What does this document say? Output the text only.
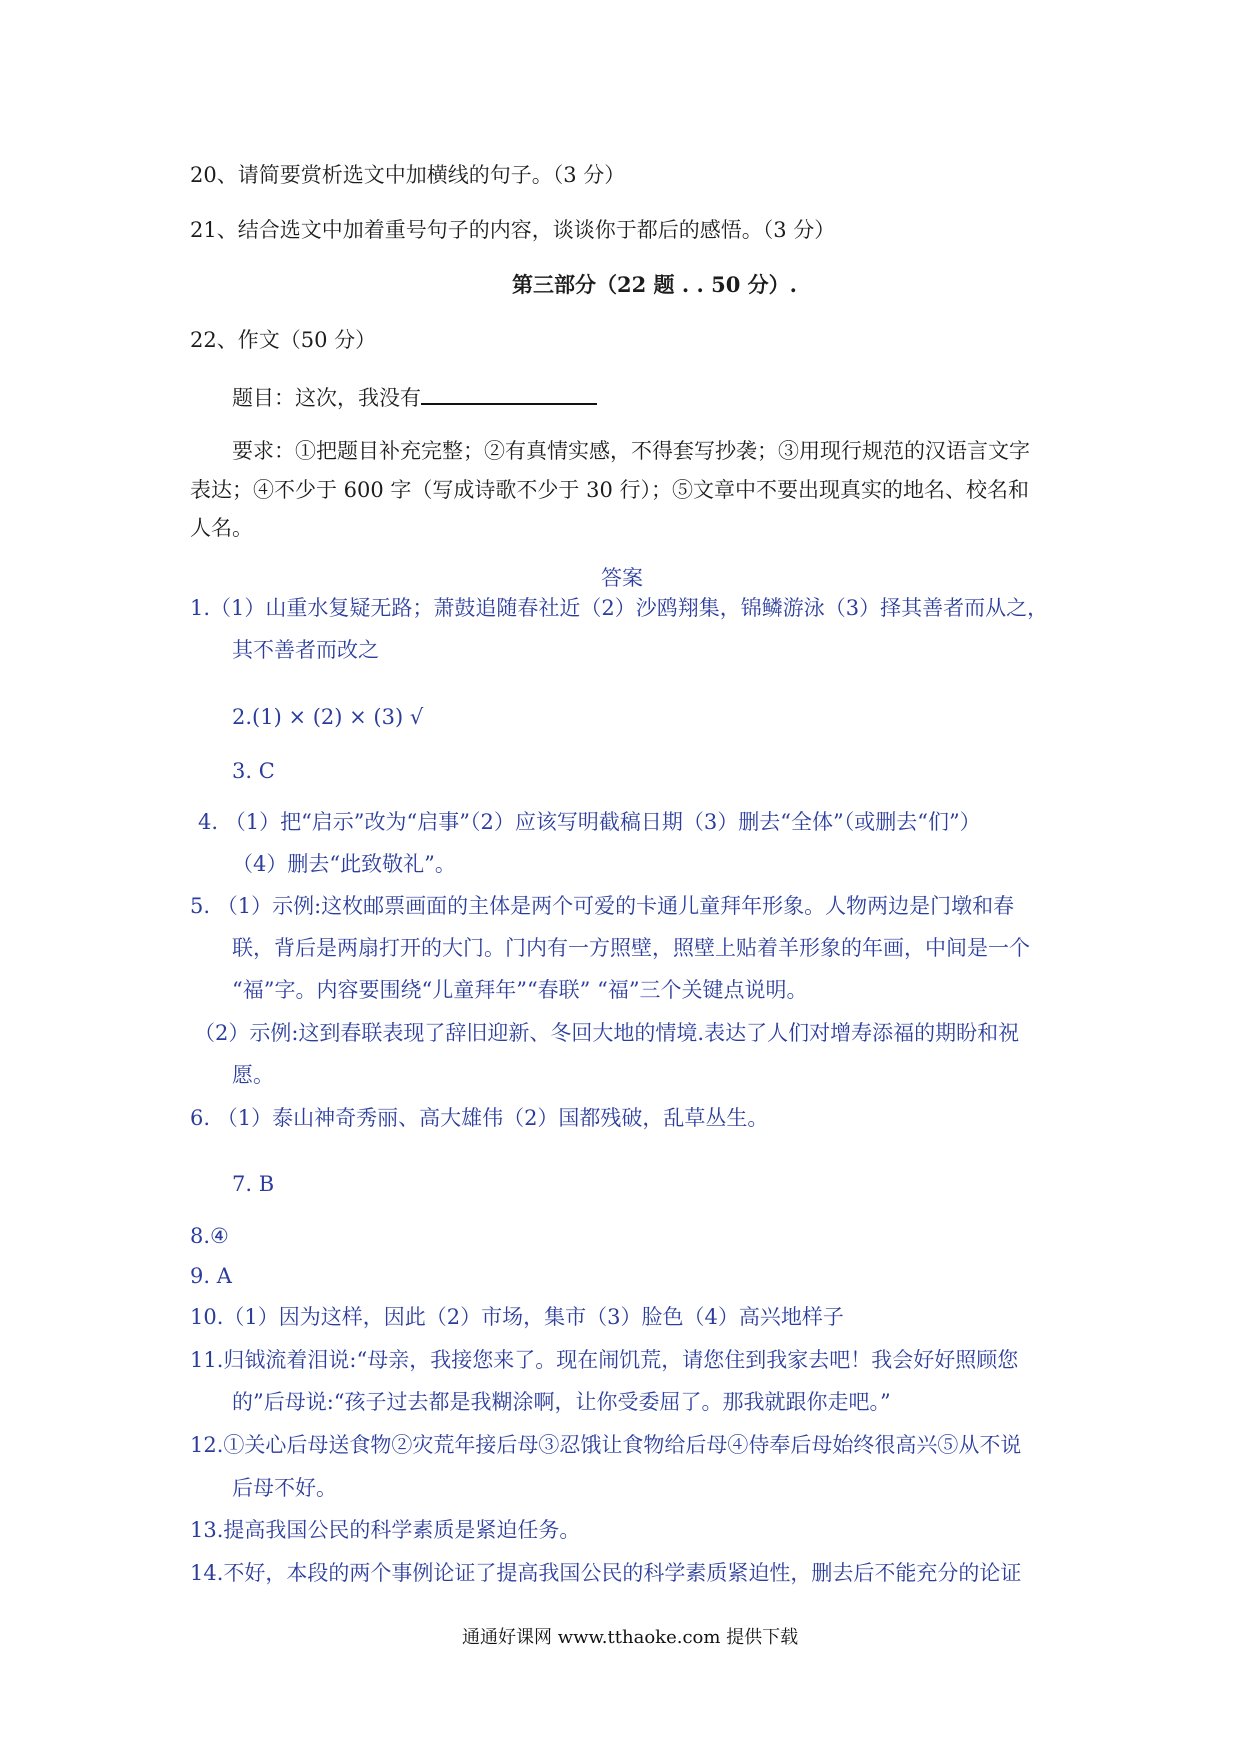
20、请简要赏析选文中加横线的句子。（3 分）
21、结合选文中加着重号句子的内容，谈谈你于都后的感悟。（3 分）
第三部分（22 题 . . 50 分）.
22、作文（50 分）
题目：这次，我没有
要求：①把题目补充完整；②有真情实感，不得套写抄袭；③用现行规范的汉语言文字
表达；④不少于 600 字（写成诗歌不少于 30 行）；⑤文章中不要出现真实的地名、校名和
人名。
答案
1.（1）山重水复疑无路；萧鼓追随春社近（2）沙鸥翔集，锦鳞游泳（3）择其善者而从之，
其不善者而改之
2.(1) × (2) × (3) √
3. C
4. （1）把“启示”改为“启事”（2）应该写明截稿日期（3）删去“全体”（或删去“们”）
（4）删去“此致敬礼”。
5. （1）示例:这枚邮票画面的主体是两个可爱的卡通儿童拜年形象。人物两边是门墩和春
联，背后是两扇打开的大门。门内有一方照壁，照壁上贴着羊形象的年画，中间是一个
“福”字。内容要围绕“儿童拜年”“春联” “福”三个关键点说明。
（2）示例:这到春联表现了辞旧迎新、冬回大地的情境.表达了人们对增寿添福的期盼和祝
愿。
6. （1）泰山神奇秀丽、高大雄伟（2）国都残破，乱草丛生。
7. B
8.④
9. A
10.（1）因为这样，因此（2）市场，集市（3）脸色（4）高兴地样子
11.归钺流着泪说:“母亲，我接您来了。现在闹饥荒，请您住到我家去吧！我会好好照顾您
的”后母说:“孩子过去都是我糊涂啊，让你受委屈了。那我就跟你走吧。”
12.①关心后母送食物②灾荒年接后母③忍饿让食物给后母④侍奉后母始终很高兴⑤从不说
后母不好。
13.提高我国公民的科学素质是紧迫任务。
14.不好，本段的两个事例论证了提高我国公民的科学素质紧迫性，删去后不能充分的论证
通通好课网 www.tthaoke.com 提供下载
